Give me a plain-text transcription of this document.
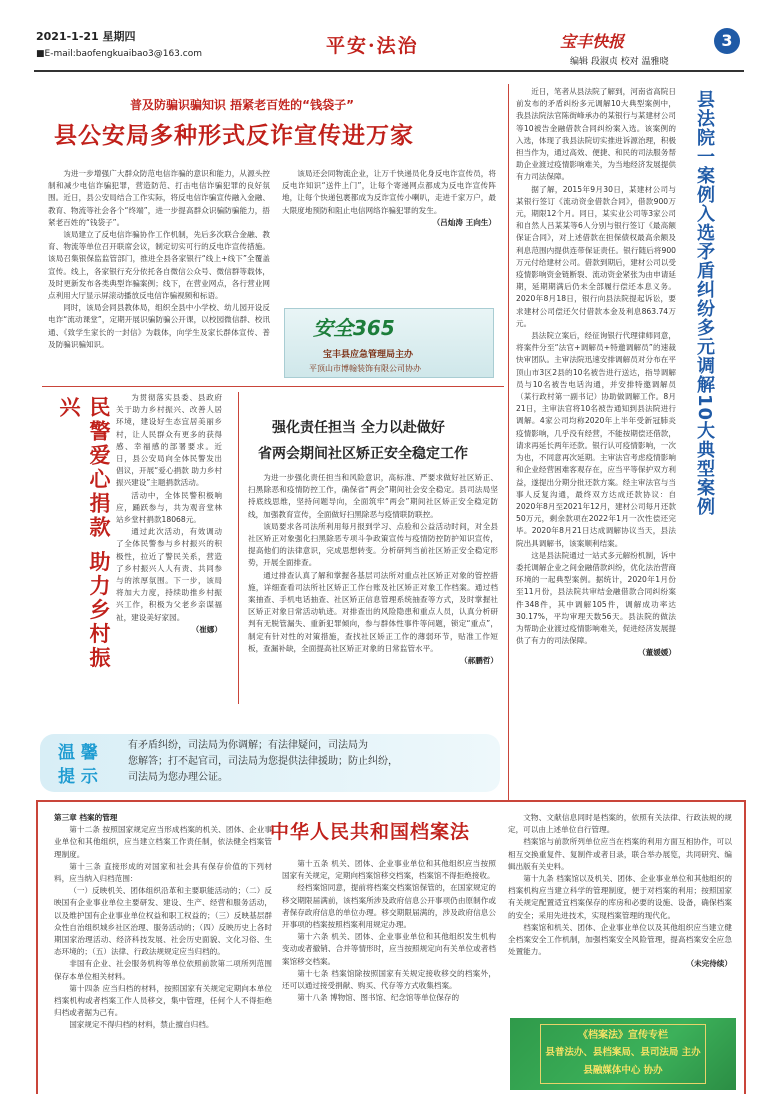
2021-1-21 星期四
■E-mail:baofengkuaibao3@163.com	平安·法治	宝丰快报	3
编辑 段淑贞 校对 温雅晓
普及防骗识骗知识 捂紧老百姓的“钱袋子”
县公安局多种形式反诈宣传进万家

为进一步增强广大群众防范电信诈骗的意识和能力，从源头控制和减少电信诈骗犯罪，营造防范、打击电信诈骗犯罪的良好氛围。近日，县公安局结合工作实际，将反电信诈骗宣传融入金融、教育、物流等社会各个“终端”，进一步提高群众识骗防骗能力，捂紧老百姓的“钱袋子”。

该局建立了反电信诈骗协作工作机制，先后多次联合金融、教育、物流等单位召开联席会议，制定切实可行的反电诈宣传措施。该局召集银保监监管部门，推进全县各家银行“线上+线下”全覆盖宣传。线上，各家银行充分依托各自微信公众号、微信群等载体，及时更新发布各类典型诈骗案例；线下，在营业网点，各行营业网点利用大厅显示屏滚动播放反电信诈骗视频和标语。

同时，该局会同县教体局，组织全县中小学校、幼儿园开设反电诈“流动课堂”，定期开展识骗防骗公开课，以校园微信群、校讯通、《致学生家长的一封信》为载体，向学生及家长群体宣传、普及防骗识骗知识。

该局还会同物流企业，让万千快递员化身反电诈宣传员，将反电诈知识“送件上门”，让每个寄递网点都成为反电诈宣传阵地，让每个快递包裹都成为反诈宣传小喇叭，走进千家万户，最大限度地预防和阻止电信网络诈骗犯罪的发生。

（吕灿涛 王向生）

安全365
宝丰县应急管理局主办
平顶山市博翰装饰有限公司协办
民警爱心捐款 助力乡村振兴	为贯彻落实县委、县政府关于助力乡村振兴、改善人居环境，建设好生态宜居美丽乡村，让人民群众有更多的获得感、幸福感的部署要求。近日，县公安局向全体民警发出倡议，开展“爱心捐款 助力乡村振兴建设”主题捐款活动。

活动中，全体民警积极响应，踊跃参与，共为观音堂林站乡堂村捐款18068元。

通过此次活动，有效调动了全体民警参与乡村振兴的积极性，拉近了警民关系，营造了乡村振兴人人有责、共同参与的浓厚氛围。下一步，该局将加大力度，持续助推乡村振兴工作，积极为父老乡亲谋福祉，建设美好家园。

（崔娜）

强化责任担当 全力以赴做好
省两会期间社区矫正安全稳定工作

为进一步强化责任担当和风险意识，高标准、严要求做好社区矫正、扫黑除恶和疫情防控工作，确保省“两会”期间社会安全稳定。县司法局坚持底线思维，坚持问题导向，全面筑牢“两会”期间社区矫正安全稳定防线，加强教育宣传，全面做好扫黑除恶与疫情联防联控。

该局要求各司法所利用每月报到学习、点验和公益活动时间，对全县社区矫正对象强化扫黑除恶专项斗争政策宣传与疫情防控防护知识宣传，提高他们的法律意识，完成思想转变。分析研判当前社区矫正安全稳定形势，开展全面排查。

通过排查认真了解和掌握各基层司法所对重点社区矫正对象的管控措施，详细查看司法所社区矫正工作台账及社区矫正对象工作档案。通过档案抽查、手机电话抽查、社区矫正信息管理系统抽查等方式，及时掌握社区矫正对象日常活动轨迹。对排查出的风险隐患和重点人员，认真分析研判有无脱管漏失、重新犯罪倾向，参与群体性事件等问题，锁定“重点”，制定有针对性的对策措施，查找社区矫正工作的薄弱环节，贴准工作短板，查漏补缺，全面提高社区矫正对象的日常监管水平。

（郝鹏哲）

温 馨
提 示
有矛盾纠纷，司法局为你调解；有法律疑问，司法局为
您解答；打不起官司，司法局为您提供法律援助；防止纠纷，
司法局为您办理公证。

近日，笔者从县法院了解到，河南省高院日前发布的矛盾纠纷多元调解10大典型案例中，我县法院法官陈街峰承办的某银行与某建材公司等10被告金融借款合同纠纷案入选。该案例的入选，体现了我县法院切实推进诉源治理，积极担当作为，通过高效、便捷、和民的司法服务帮助企业渡过疫情影响难关，为当地经济发展提供有力司法保障。

据了解，2015年9月30日，某建材公司与某银行签订《流动资金借款合同》，借款900万元，期限12个月。同日，某实业公司等3家公司和自然人吕某某等6人分别与银行签订《最高额保证合同》，对上述借款在担保债权最高余额及利息范围内提供连带保证责任。银行随后将900万元付给建材公司。借款到期后，建材公司以受疫情影响资金链断裂、流动资金紧张为由申请延期，延期期满后仍未全部履行偿还本息义务。2020年8月18日，银行向县法院提起诉讼，要求建材公司偿还欠付借款本金及利息863.74万元。

县法院立案后，经征询银行代理律师同意，将案件分至“法官+调解员+特邀调解员”的速裁快审团队。主审法院迅速安排调解员对分布在平顶山市3区2县的10名被告进行送达，指导调解员与10名被告电话沟通，并安排特邀调解员（某行政村第一副书记）协助做调解工作。8月21日，主审法官将10名被告通知到县法院进行调解。4家公司均称2020年上半年受新冠肺炎疫情影响，几乎没有经营，不能按期偿还借款，请求再延长两年还款。银行认可疫情影响，一次为也，不同意再次延期。主审法官考虑疫情影响和企业经营困难客观存在，应当平等保护双方利益，遂提出分期分批还款方案。经主审法官与当事人反复沟通，最终双方达成还款协议：自2020年8月至2021年12月，建材公司每月还款50万元，剩余款项在2022年1月一次性偿还完毕。2020年8月21日达成调解协议当天，县法院出具调解书，该案顺利结案。

这是县法院通过一站式多元解纷机制，诉中委托调解企业之间金融借款纠纷，优化法治营商环境的一起典型案例。据统计，2020年1月份至11月份，县法院共审结金融借款合同纠纷案件348件，其中调解105件，调解成功率达30.17%，平均审理天数56天。县法院的做法为帮助企业渡过疫情影响难关，促进经济发展提供了有力的司法保障。

（董媛媛）

县法院一案例入选矛盾纠纷多元调解10大典型案例
中华人民共和国档案法

第三章 档案的管理

第十二条 按照国家规定应当形成档案的机关、团体、企业事业单位和其他组织，应当建立档案工作责任制，依法健全档案管理制度。

第十三条 直接形成的对国家和社会具有保存价值的下列材料，应当纳入归档范围：

（一）反映机关、团体组织沿革和主要职能活动的；（二）反映国有企业事业单位主要研发、建设、生产、经营和服务活动，以及维护国有企业事业单位权益和职工权益的；（三）反映基层群众性自治组织城乡社区治理、服务活动的；（四）反映历史上各时期国家治理活动、经济科技发展、社会历史面貌、文化习俗、生态环境的；（五）法律、行政法规规定应当归档的。

非国有企业、社会服务机构等单位依照前款第二项所列范围保存本单位相关材料。

第十四条 应当归档的材料，按照国家有关规定定期向本单位档案机构或者档案工作人员移交，集中管理，任何个人不得拒绝归档或者据为己有。

国家规定不得归档的材料，禁止擅自归档。

第十五条 机关、团体、企业事业单位和其他组织应当按照国家有关规定，定期向档案馆移交档案，档案馆不得拒绝接收。

经档案馆同意，提前将档案交档案馆保管的，在国家规定的移交期限届满前，该档案所涉及政府信息公开事项仍由原制作或者保存政府信息的单位办理。移交期限届满的，涉及政府信息公开事项的档案按照档案利用规定办理。

第十六条 机关、团体、企业事业单位和其他组织发生机构变动或者撤销、合并等情形时，应当按照规定向有关单位或者档案馆移交档案。

第十七条 档案馆除按照国家有关规定接收移交的档案外，还可以通过接受捐献、购买、代存等方式收集档案。

第十八条 博物馆、图书馆、纪念馆等单位保存的

文物、文献信息同时是档案的，依照有关法律、行政法规的规定，可以由上述单位自行管理。

档案馆与前款所列单位应当在档案的利用方面互相协作，可以相互交换重复件、复制件或者目录，联合举办展览，共同研究、编辑出版有关史料。

第十九条 档案馆以及机关、团体、企业事业单位和其他组织的档案机构应当建立科学的管理制度，便于对档案的利用；按照国家有关规定配置适宜档案保存的库房和必要的设施、设备，确保档案的安全；采用先进技术，实现档案管理的现代化。

档案馆和机关、团体、企业事业单位以及其他组织应当建立健全档案安全工作机制，加强档案安全风险管理，提高档案安全应急处置能力。

（未完待续）

《档案法》宣传专栏
县普法办、县档案局、县司法局 主办
县融媒体中心 协办
